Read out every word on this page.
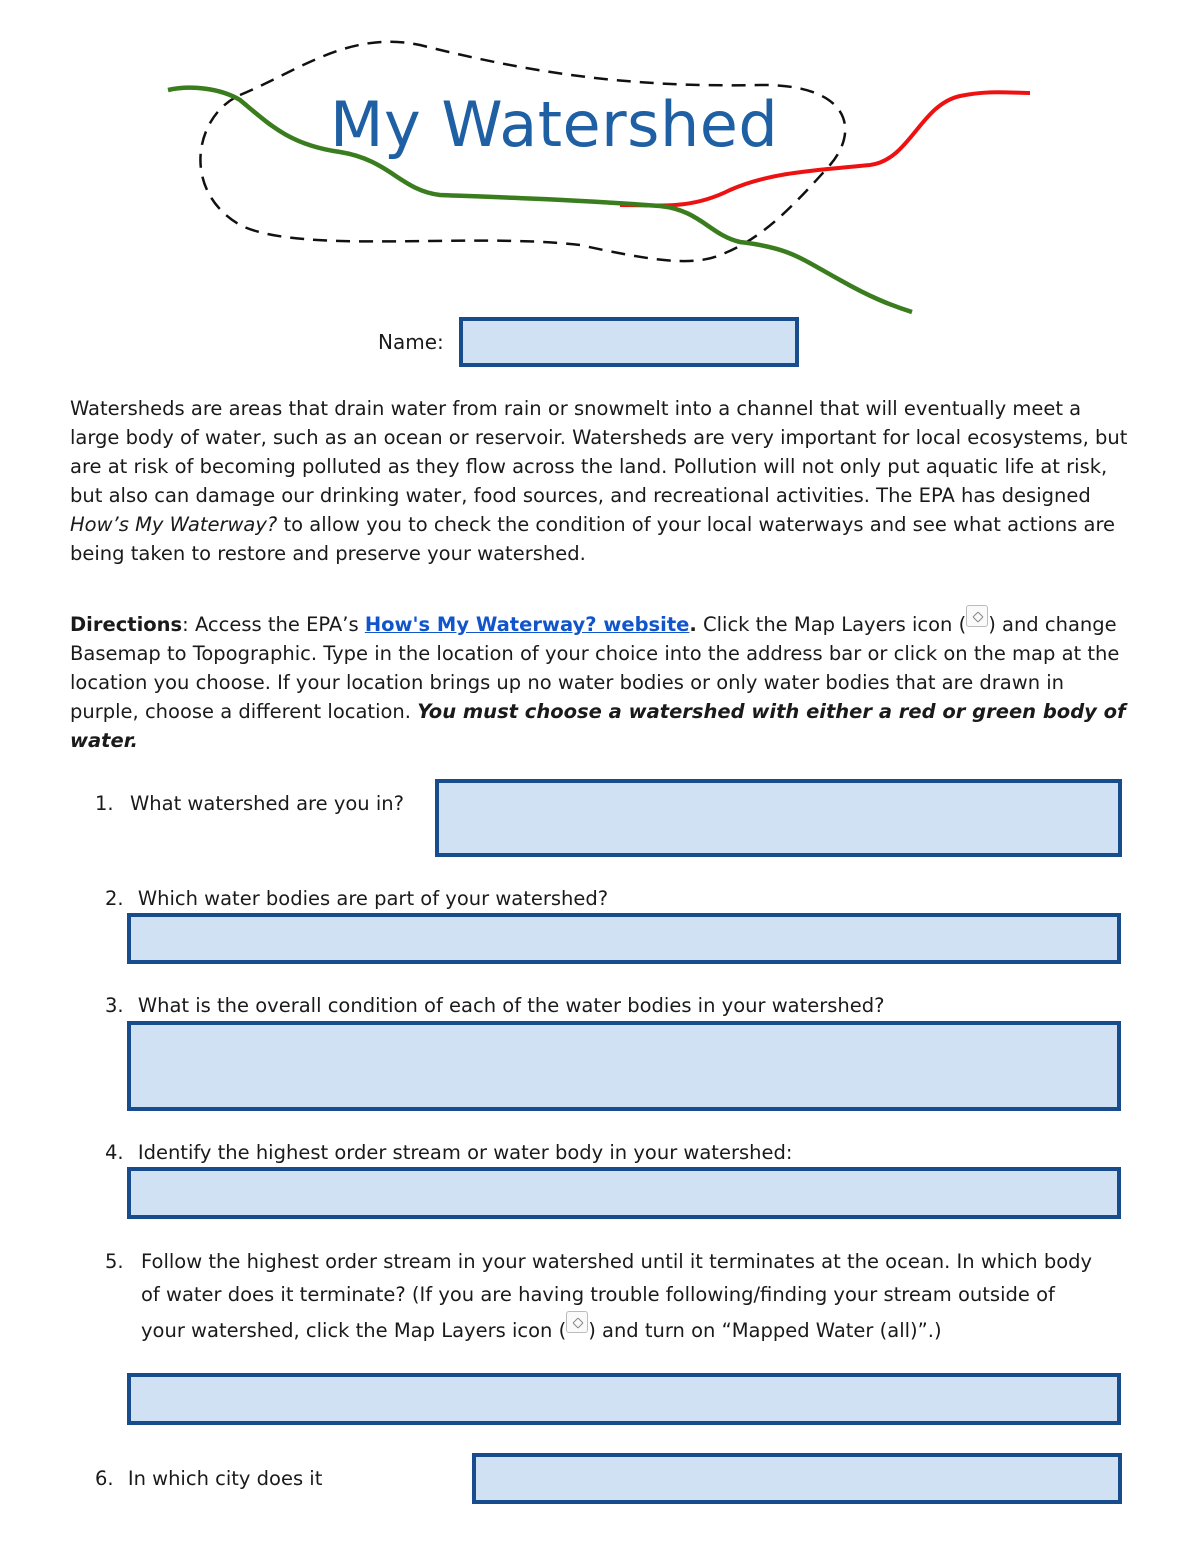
My Watershed
Name:
Watersheds are areas that drain water from rain or snowmelt into a channel that will eventually meet a large body of water, such as an ocean or reservoir. Watersheds are very important for local ecosystems, but are at risk of becoming polluted as they flow across the land. Pollution will not only put aquatic life at risk, but also can damage our drinking water, food sources, and recreational activities. The EPA has designed How’s My Waterway? to allow you to check the condition of your local waterways and see what actions are being taken to restore and preserve your watershed.
Directions: Access the EPA’s How's My Waterway? website. Click the Map Layers icon ( ) and change Basemap to Topographic. Type in the location of your choice into the address bar or click on the map at the location you choose. If your location brings up no water bodies or only water bodies that are drawn in purple, choose a different location. You must choose a watershed with either a red or green body of water.
1. What watershed are you in?
2. Which water bodies are part of your watershed?
3. What is the overall condition of each of the water bodies in your watershed?
4. Identify the highest order stream or water body in your watershed:
5. Follow the highest order stream in your watershed until it terminates at the ocean. In which body of water does it terminate? (If you are having trouble following/finding your stream outside of your watershed, click the Map Layers icon ( ) and turn on “Mapped Water (all)”.)
6. In which city does it
